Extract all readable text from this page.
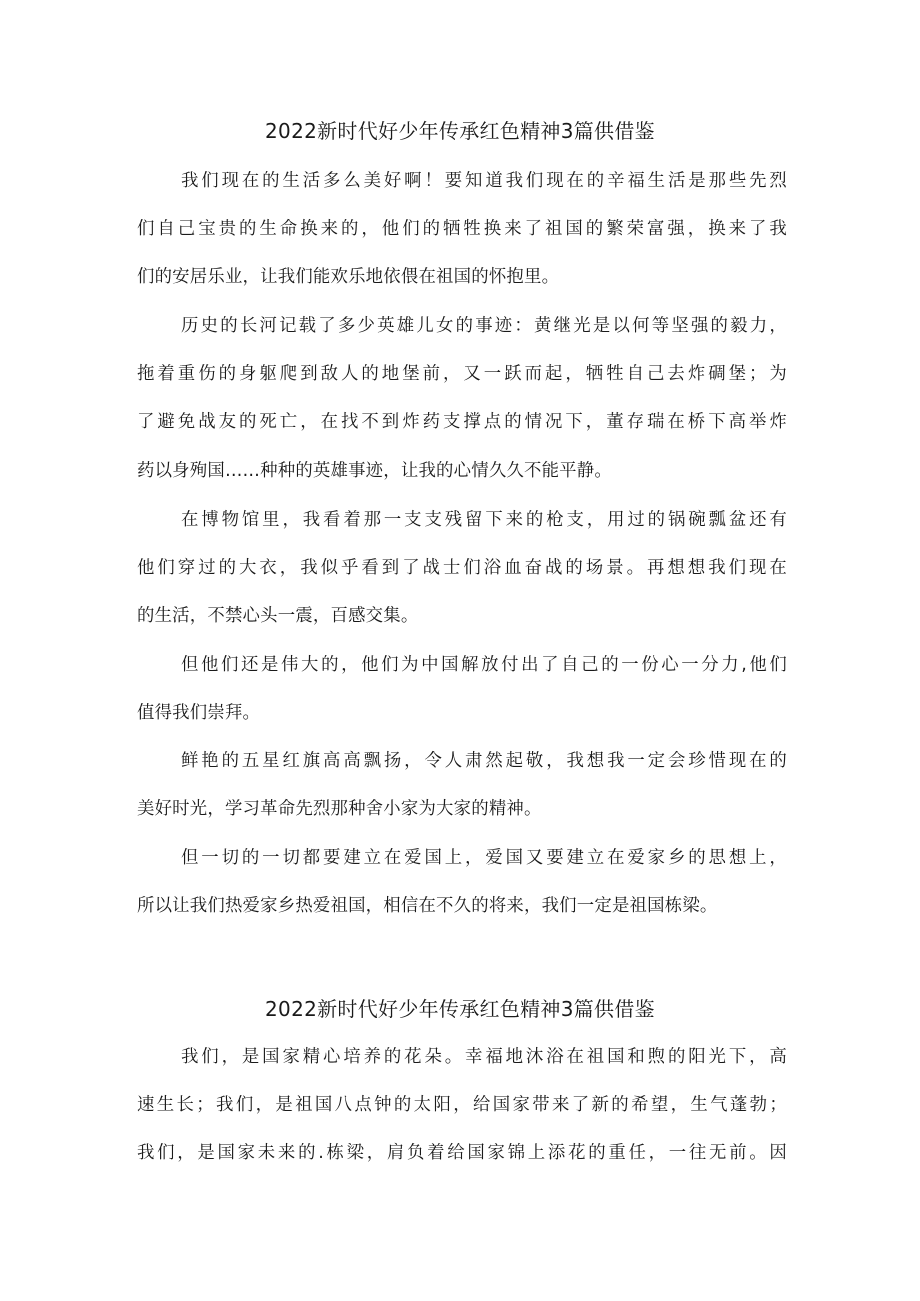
2022新时代好少年传承红色精神3篇供借鉴
我们现在的生活多么美好啊！要知道我们现在的辛福生活是那些先烈
们自己宝贵的生命换来的，他们的牺牲换来了祖国的繁荣富强，换来了我
们的安居乐业，让我们能欢乐地依偎在祖国的怀抱里。
历史的长河记载了多少英雄儿女的事迹：黄继光是以何等坚强的毅力，
拖着重伤的身躯爬到敌人的地堡前，又一跃而起，牺牲自己去炸碉堡；为
了避免战友的死亡，在找不到炸药支撑点的情况下，董存瑞在桥下高举炸
药以身殉国……种种的英雄事迹，让我的心情久久不能平静。
在博物馆里，我看着那一支支残留下来的枪支，用过的锅碗瓢盆还有
他们穿过的大衣，我似乎看到了战士们浴血奋战的场景。再想想我们现在
的生活，不禁心头一震，百感交集。
但他们还是伟大的，他们为中国解放付出了自己的一份心一分力,他们
值得我们崇拜。
鲜艳的五星红旗高高飘扬，令人肃然起敬，我想我一定会珍惜现在的
美好时光，学习革命先烈那种舍小家为大家的精神。
但一切的一切都要建立在爱国上，爱国又要建立在爱家乡的思想上，
所以让我们热爱家乡热爱祖国，相信在不久的将来，我们一定是祖国栋梁。
2022新时代好少年传承红色精神3篇供借鉴
我们，是国家精心培养的花朵。幸福地沐浴在祖国和煦的阳光下，高
速生长；我们，是祖国八点钟的太阳，给国家带来了新的希望，生气蓬勃；
我们，是国家未来的.栋梁，肩负着给国家锦上添花的重任，一往无前。因
